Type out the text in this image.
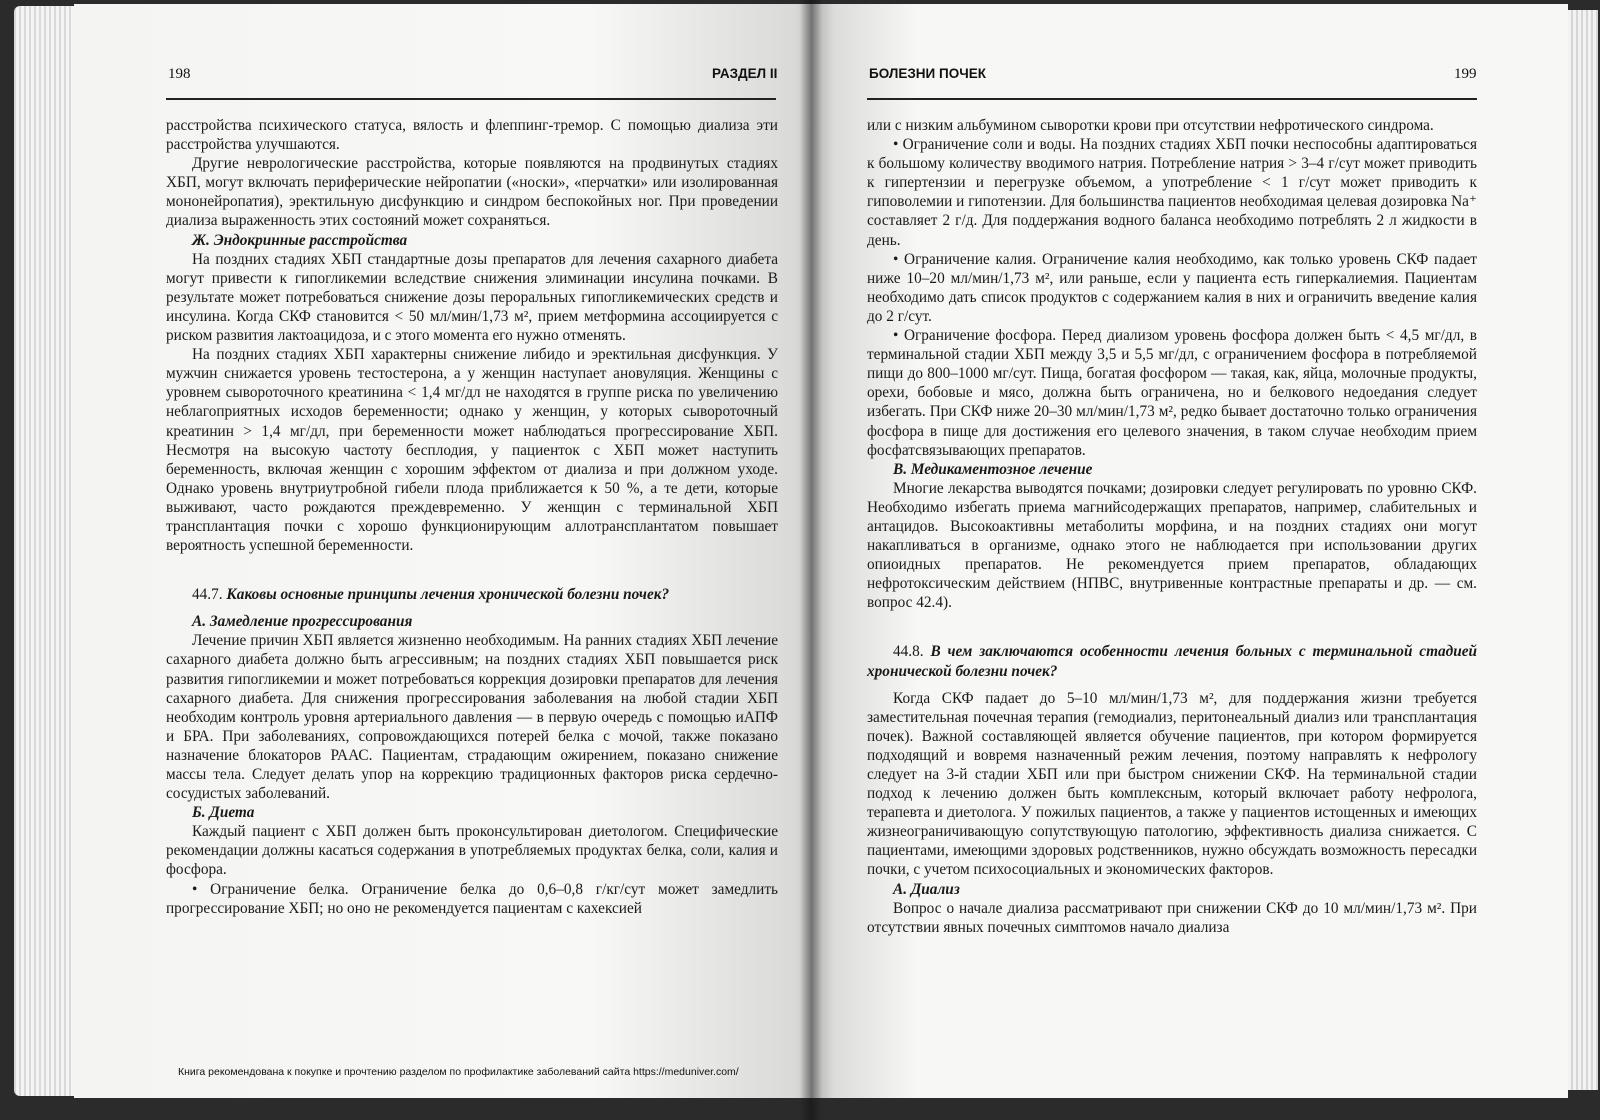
198	РАЗДЕЛ II

расстройства психического статуса, вялость и флеппинг-тремор. С помощью диализа эти расстройства улучшаются.

Другие неврологические расстройства, которые появляются на продвинутых стадиях ХБП, могут включать периферические нейропатии («носки», «перчатки» или изолированная мононейропатия), эректильную дисфункцию и синдром беспокойных ног. При проведении диализа выраженность этих состояний может сохраняться.

Ж. Эндокринные расстройства

На поздних стадиях ХБП стандартные дозы препаратов для лечения сахарного диабета могут привести к гипогликемии вследствие снижения элиминации инсулина почками. В результате может потребоваться снижение дозы пероральных гипогликемических средств и инсулина. Когда СКФ становится < 50 мл/мин/1,73 м², прием метформина ассоциируется с риском развития лактоацидоза, и с этого момента его нужно отменять.

На поздних стадиях ХБП характерны снижение либидо и эректильная дисфункция. У мужчин снижается уровень тестостерона, а у женщин наступает ановуляция. Женщины с уровнем сывороточного креатинина < 1,4 мг/дл не находятся в группе риска по увеличению неблагоприятных исходов беременности; однако у женщин, у которых сывороточный креатинин > 1,4 мг/дл, при беременности может наблюдаться прогрессирование ХБП. Несмотря на высокую частоту бесплодия, у пациенток с ХБП может наступить беременность, включая женщин с хорошим эффектом от диализа и при должном уходе. Однако уровень внутриутробной гибели плода приближается к 50 %, а те дети, которые выживают, часто рождаются преждевременно. У женщин с терминальной ХБП трансплантация почки с хорошо функционирующим аллотрансплантатом повышает вероятность успешной беременности.

44.7. Каковы основные принципы лечения хронической болезни почек?

А. Замедление прогрессирования

Лечение причин ХБП является жизненно необходимым. На ранних стадиях ХБП лечение сахарного диабета должно быть агрессивным; на поздних стадиях ХБП повышается риск развития гипогликемии и может потребоваться коррекция дозировки препаратов для лечения сахарного диабета. Для снижения прогрессирования заболевания на любой стадии ХБП необходим контроль уровня артериального давления — в первую очередь с помощью иАПФ и БРА. При заболеваниях, сопровождающихся потерей белка с мочой, также показано назначение блокаторов РААС. Пациентам, страдающим ожирением, показано снижение массы тела. Следует делать упор на коррекцию традиционных факторов риска сердечно-сосудистых заболеваний.

Б. Диета

Каждый пациент с ХБП должен быть проконсультирован диетологом. Специфические рекомендации должны касаться содержания в употребляемых продуктах белка, соли, калия и фосфора.

• Ограничение белка. Ограничение белка до 0,6–0,8 г/кг/сут может замедлить прогрессирование ХБП; но оно не рекомендуется пациентам с кахексией

БОЛЕЗНИ ПОЧЕК	199

или с низким альбумином сыворотки крови при отсутствии нефротического синдрома.

• Ограничение соли и воды. На поздних стадиях ХБП почки неспособны адаптироваться к большому количеству вводимого натрия. Потребление натрия > 3–4 г/сут может приводить к гипертензии и перегрузке объемом, а употребление < 1 г/сут может приводить к гиповолемии и гипотензии. Для большинства пациентов необходимая целевая дозировка Na⁺ составляет 2 г/д. Для поддержания водного баланса необходимо потреблять 2 л жидкости в день.

• Ограничение калия. Ограничение калия необходимо, как только уровень СКФ падает ниже 10–20 мл/мин/1,73 м², или раньше, если у пациента есть гиперкалиемия. Пациентам необходимо дать список продуктов с содержанием калия в них и ограничить введение калия до 2 г/сут.

• Ограничение фосфора. Перед диализом уровень фосфора должен быть < 4,5 мг/дл, в терминальной стадии ХБП между 3,5 и 5,5 мг/дл, с ограничением фосфора в потребляемой пищи до 800–1000 мг/сут. Пища, богатая фосфором — такая, как, яйца, молочные продукты, орехи, бобовые и мясо, должна быть ограничена, но и белкового недоедания следует избегать. При СКФ ниже 20–30 мл/мин/1,73 м², редко бывает достаточно только ограничения фосфора в пище для достижения его целевого значения, в таком случае необходим прием фосфатсвязывающих препаратов.

В. Медикаментозное лечение

Многие лекарства выводятся почками; дозировки следует регулировать по уровню СКФ. Необходимо избегать приема магнийсодержащих препаратов, например, слабительных и антацидов. Высокоактивны метаболиты морфина, и на поздних стадиях они могут накапливаться в организме, однако этого не наблюдается при использовании других опиоидных препаратов. Не рекомендуется прием препаратов, обладающих нефротоксическим действием (НПВС, внутривенные контрастные препараты и др. — см. вопрос 42.4).

44.8. В чем заключаются особенности лечения больных с терминальной стадией хронической болезни почек?

Когда СКФ падает до 5–10 мл/мин/1,73 м², для поддержания жизни требуется заместительная почечная терапия (гемодиализ, перитонеальный диализ или трансплантация почек). Важной составляющей является обучение пациентов, при котором формируется подходящий и вовремя назначенный режим лечения, поэтому направлять к нефрологу следует на 3-й стадии ХБП или при быстром снижении СКФ. На терминальной стадии подход к лечению должен быть комплексным, который включает работу нефролога, терапевта и диетолога. У пожилых пациентов, а также у пациентов истощенных и имеющих жизнеограничивающую сопутствующую патологию, эффективность диализа снижается. С пациентами, имеющими здоровых родственников, нужно обсуждать возможность пересадки почки, с учетом психосоциальных и экономических факторов.

А. Диализ

Вопрос о начале диализа рассматривают при снижении СКФ до 10 мл/мин/1,73 м². При отсутствии явных почечных симптомов начало диализа

Книга рекомендована к покупке и прочтению разделом по профилактике заболеваний сайта https://meduniver.com/
